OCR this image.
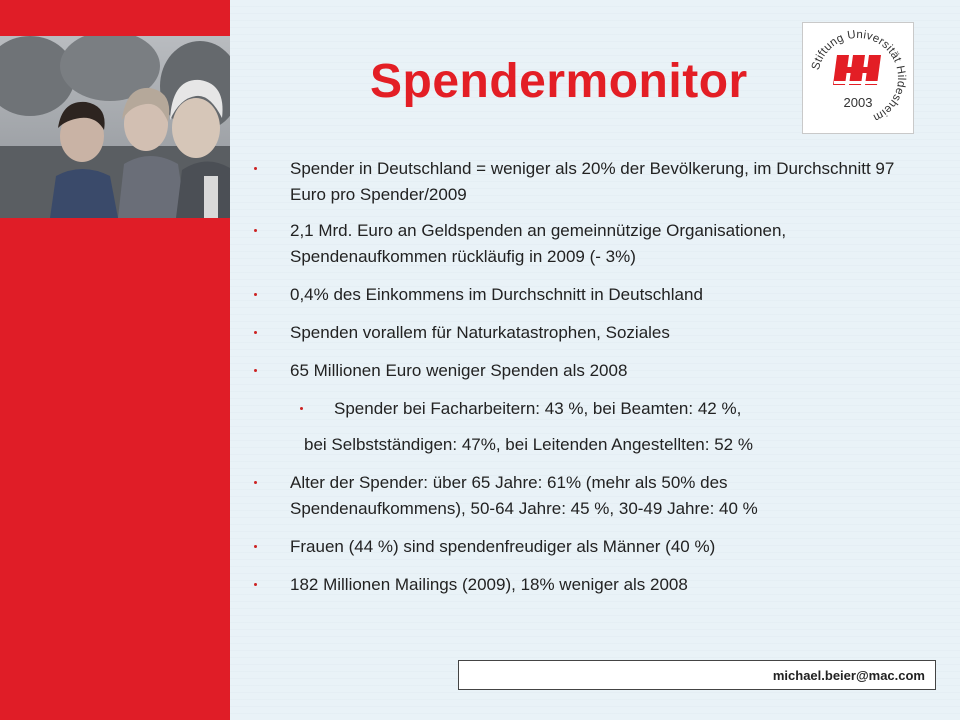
Spendermonitor	Stiftung Universität Hildesheim
2003
Spender in Deutschland = weniger als 20% der Bevölkerung, im Durchschnitt 97 Euro pro Spender/2009
2,1 Mrd. Euro an Geldspenden an gemeinnützige Organisationen, Spendenaufkommen rückläufig in 2009 (- 3%)
0,4% des Einkommens im Durchschnitt in Deutschland
Spenden vorallem für Naturkatastrophen, Soziales
65 Millionen Euro weniger Spenden als 2008
Spender bei Facharbeitern: 43 %, bei Beamten: 42 %,
bei Selbstständigen: 47%, bei Leitenden Angestellten: 52 %
Alter der Spender: über 65 Jahre: 61% (mehr als 50% des Spendenaufkommens), 50-64 Jahre: 45 %, 30-49 Jahre: 40 %
Frauen (44 %) sind spendenfreudiger als Männer (40 %)
182 Millionen Mailings (2009), 18% weniger als 2008
michael.beier@mac.com
